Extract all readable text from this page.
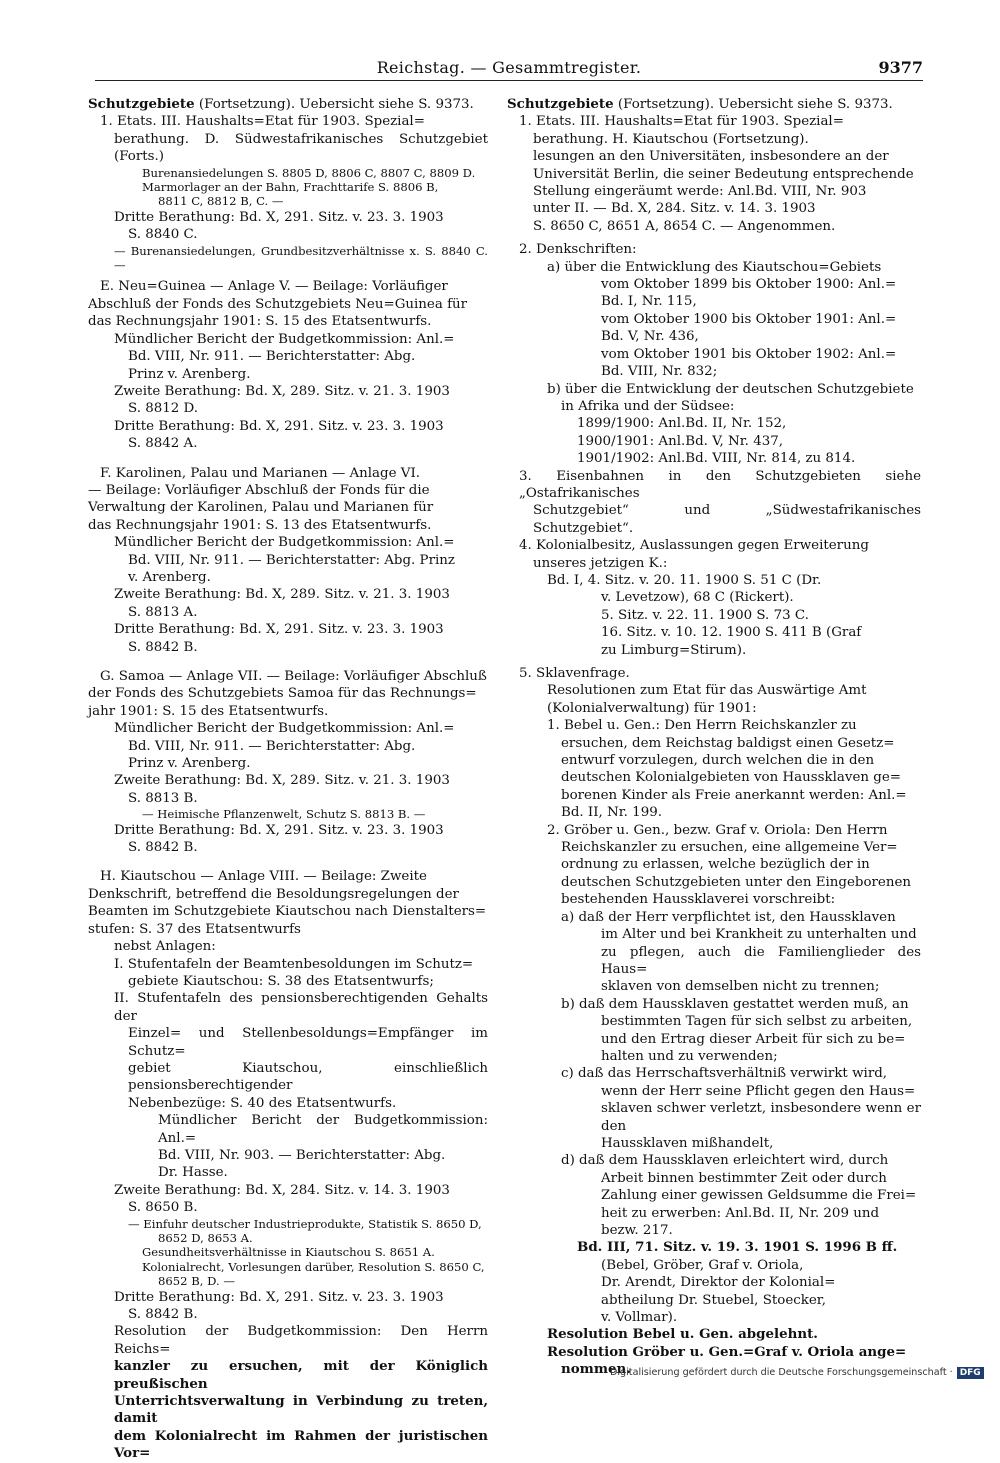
Reichstag. — Gesammtregister.	9377

Schutzgebiete (Fortsetzung). Uebersicht siehe S. 9373.

1. Etats. III. Haushalts=Etat für 1903. Spezial=

berathung. D. Südwestafrikanisches Schutzgebiet (Forts.)

Burenansiedelungen S. 8805 D, 8806 C, 8807 C, 8809 D.

Marmorlager an der Bahn, Frachttarife S. 8806 B,

8811 C, 8812 B, C. —

Dritte Berathung: Bd. X, 291. Sitz. v. 23. 3. 1903

S. 8840 C.

— Burenansiedelungen, Grundbesitzverhältnisse x. S. 8840 C. —

E. Neu=Guinea — Anlage V. — Beilage: Vorläufiger

Abschluß der Fonds des Schutzgebiets Neu=Guinea für

das Rechnungsjahr 1901: S. 15 des Etatsentwurfs.

Mündlicher Bericht der Budgetkommission: Anl.=

Bd. VIII, Nr. 911. — Berichterstatter: Abg.

Prinz v. Arenberg.

Zweite Berathung: Bd. X, 289. Sitz. v. 21. 3. 1903

S. 8812 D.

Dritte Berathung: Bd. X, 291. Sitz. v. 23. 3. 1903

S. 8842 A.

F. Karolinen, Palau und Marianen — Anlage VI.

— Beilage: Vorläufiger Abschluß der Fonds für die

Verwaltung der Karolinen, Palau und Marianen für

das Rechnungsjahr 1901: S. 13 des Etatsentwurfs.

Mündlicher Bericht der Budgetkommission: Anl.=

Bd. VIII, Nr. 911. — Berichterstatter: Abg. Prinz

v. Arenberg.

Zweite Berathung: Bd. X, 289. Sitz. v. 21. 3. 1903

S. 8813 A.

Dritte Berathung: Bd. X, 291. Sitz. v. 23. 3. 1903

S. 8842 B.

G. Samoa — Anlage VII. — Beilage: Vorläufiger Abschluß

der Fonds des Schutzgebiets Samoa für das Rechnungs=

jahr 1901: S. 15 des Etatsentwurfs.

Mündlicher Bericht der Budgetkommission: Anl.=

Bd. VIII, Nr. 911. — Berichterstatter: Abg.

Prinz v. Arenberg.

Zweite Berathung: Bd. X, 289. Sitz. v. 21. 3. 1903

S. 8813 B.

— Heimische Pflanzenwelt, Schutz S. 8813 B. —

Dritte Berathung: Bd. X, 291. Sitz. v. 23. 3. 1903

S. 8842 B.

H. Kiautschou — Anlage VIII. — Beilage: Zweite

Denkschrift, betreffend die Besoldungsregelungen der

Beamten im Schutzgebiete Kiautschou nach Dienstalters=

stufen: S. 37 des Etatsentwurfs

nebst Anlagen:

I. Stufentafeln der Beamtenbesoldungen im Schutz=

gebiete Kiautschou: S. 38 des Etatsentwurfs;

II. Stufentafeln des pensionsberechtigenden Gehalts der

Einzel= und Stellenbesoldungs=Empfänger im Schutz=

gebiet Kiautschou, einschließlich pensionsberechtigender

Nebenbezüge: S. 40 des Etatsentwurfs.

Mündlicher Bericht der Budgetkommission: Anl.=

Bd. VIII, Nr. 903. — Berichterstatter: Abg.

Dr. Hasse.

Zweite Berathung: Bd. X, 284. Sitz. v. 14. 3. 1903

S. 8650 B.

— Einfuhr deutscher Industrieprodukte, Statistik S. 8650 D,

8652 D, 8653 A.

Gesundheitsverhältnisse in Kiautschou S. 8651 A.

Kolonialrecht, Vorlesungen darüber, Resolution S. 8650 C,

8652 B, D. —

Dritte Berathung: Bd. X, 291. Sitz. v. 23. 3. 1903

S. 8842 B.

Resolution der Budgetkommission: Den Herrn Reichs=

kanzler zu ersuchen, mit der Königlich preußischen

Unterrichtsverwaltung in Verbindung zu treten, damit

dem Kolonialrecht im Rahmen der juristischen Vor=

Schutzgebiete (Fortsetzung). Uebersicht siehe S. 9373.

1. Etats. III. Haushalts=Etat für 1903. Spezial=

berathung. H. Kiautschou (Fortsetzung).

lesungen an den Universitäten, insbesondere an der

Universität Berlin, die seiner Bedeutung entsprechende

Stellung eingeräumt werde: Anl.Bd. VIII, Nr. 903

unter II. — Bd. X, 284. Sitz. v. 14. 3. 1903

S. 8650 C, 8651 A, 8654 C. — Angenommen.

2. Denkschriften:

a) über die Entwicklung des Kiautschou=Gebiets

vom Oktober 1899 bis Oktober 1900: Anl.=

Bd. I, Nr. 115,

vom Oktober 1900 bis Oktober 1901: Anl.=

Bd. V, Nr. 436,

vom Oktober 1901 bis Oktober 1902: Anl.=

Bd. VIII, Nr. 832;

b) über die Entwicklung der deutschen Schutzgebiete

in Afrika und der Südsee:

1899/1900: Anl.Bd. II, Nr. 152,

1900/1901: Anl.Bd. V, Nr. 437,

1901/1902: Anl.Bd. VIII, Nr. 814, zu 814.

3. Eisenbahnen in den Schutzgebieten siehe „Ostafrikanisches

Schutzgebiet“ und „Südwestafrikanisches Schutzgebiet“.

4. Kolonialbesitz, Auslassungen gegen Erweiterung

unseres jetzigen K.:

Bd. I, 4. Sitz. v. 20. 11. 1900 S. 51 C (Dr.

v. Levetzow), 68 C (Rickert).

5. Sitz. v. 22. 11. 1900 S. 73 C.

16. Sitz. v. 10. 12. 1900 S. 411 B (Graf

zu Limburg=Stirum).

5. Sklavenfrage.

Resolutionen zum Etat für das Auswärtige Amt

(Kolonialverwaltung) für 1901:

1. Bebel u. Gen.: Den Herrn Reichskanzler zu

ersuchen, dem Reichstag baldigst einen Gesetz=

entwurf vorzulegen, durch welchen die in den

deutschen Kolonialgebieten von Haussklaven ge=

borenen Kinder als Freie anerkannt werden: Anl.=

Bd. II, Nr. 199.

2. Gröber u. Gen., bezw. Graf v. Oriola: Den Herrn

Reichskanzler zu ersuchen, eine allgemeine Ver=

ordnung zu erlassen, welche bezüglich der in

deutschen Schutzgebieten unter den Eingeborenen

bestehenden Haussklaverei vorschreibt:

a) daß der Herr verpflichtet ist, den Haussklaven

im Alter und bei Krankheit zu unterhalten und

zu pflegen, auch die Familienglieder des Haus=

sklaven von demselben nicht zu trennen;

b) daß dem Haussklaven gestattet werden muß, an

bestimmten Tagen für sich selbst zu arbeiten,

und den Ertrag dieser Arbeit für sich zu be=

halten und zu verwenden;

c) daß das Herrschaftsverhältniß verwirkt wird,

wenn der Herr seine Pflicht gegen den Haus=

sklaven schwer verletzt, insbesondere wenn er den

Haussklaven mißhandelt,

d) daß dem Haussklaven erleichtert wird, durch

Arbeit binnen bestimmter Zeit oder durch

Zahlung einer gewissen Geldsumme die Frei=

heit zu erwerben: Anl.Bd. II, Nr. 209 und

bezw. 217.

Bd. III, 71. Sitz. v. 19. 3. 1901 S. 1996 B ff.

(Bebel, Gröber, Graf v. Oriola,

Dr. Arendt, Direktor der Kolonial=

abtheilung Dr. Stuebel, Stoecker,

v. Vollmar).

Resolution Bebel u. Gen. abgelehnt.

Resolution Gröber u. Gen.=Graf v. Oriola ange=

nommen.

Digitalisierung gefördert durch die Deutsche Forschungsgemeinschaft · DFG
